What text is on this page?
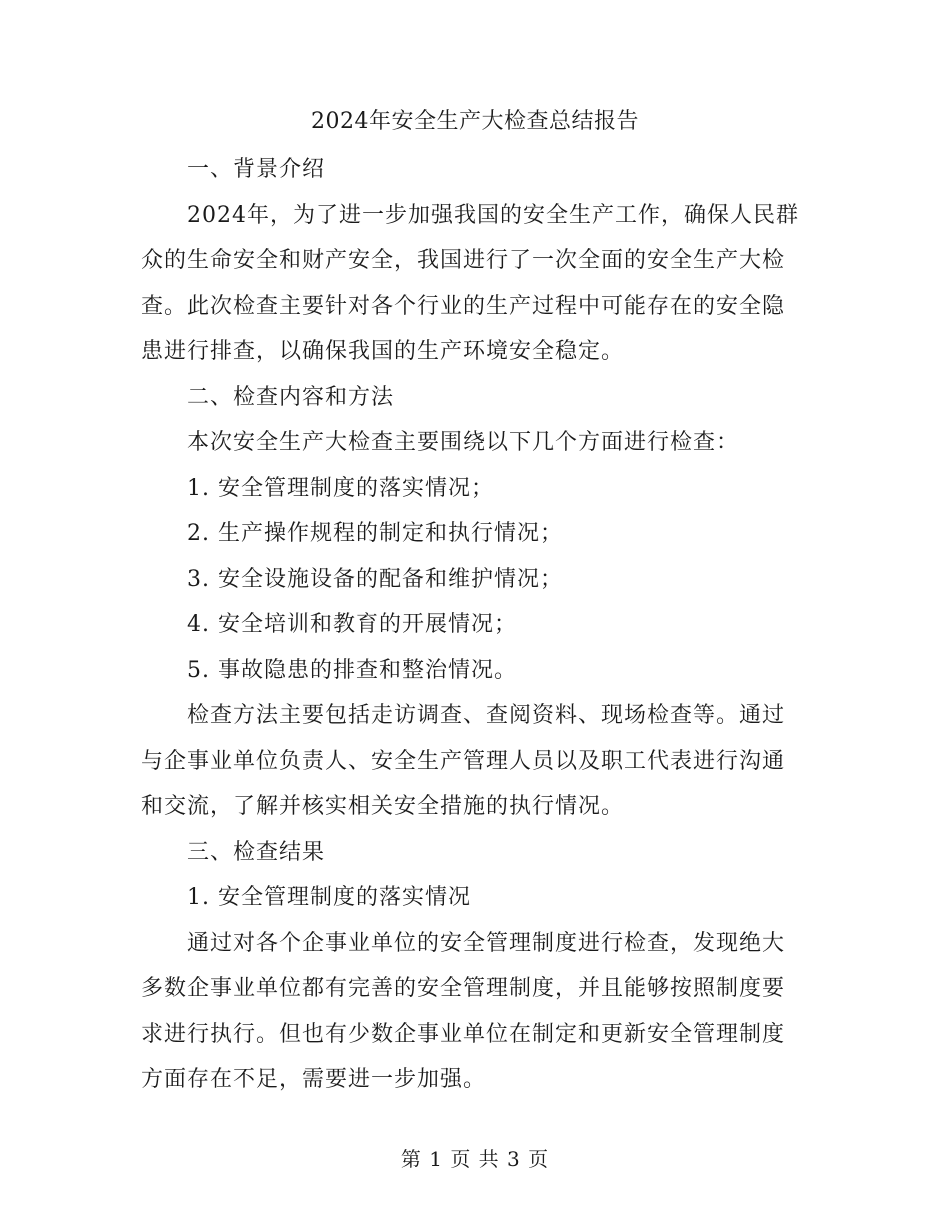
2024年安全生产大检查总结报告

一、背景介绍

2024年，为了进一步加强我国的安全生产工作，确保人民群众的生命安全和财产安全，我国进行了一次全面的安全生产大检查。此次检查主要针对各个行业的生产过程中可能存在的安全隐患进行排查，以确保我国的生产环境安全稳定。

二、检查内容和方法

本次安全生产大检查主要围绕以下几个方面进行检查：

1. 安全管理制度的落实情况；

2. 生产操作规程的制定和执行情况；

3. 安全设施设备的配备和维护情况；

4. 安全培训和教育的开展情况；

5. 事故隐患的排查和整治情况。

检查方法主要包括走访调查、查阅资料、现场检查等。通过与企事业单位负责人、安全生产管理人员以及职工代表进行沟通和交流，了解并核实相关安全措施的执行情况。

三、检查结果

1. 安全管理制度的落实情况

通过对各个企事业单位的安全管理制度进行检查，发现绝大多数企事业单位都有完善的安全管理制度，并且能够按照制度要求进行执行。但也有少数企事业单位在制定和更新安全管理制度方面存在不足，需要进一步加强。

第 1 页 共 3 页
